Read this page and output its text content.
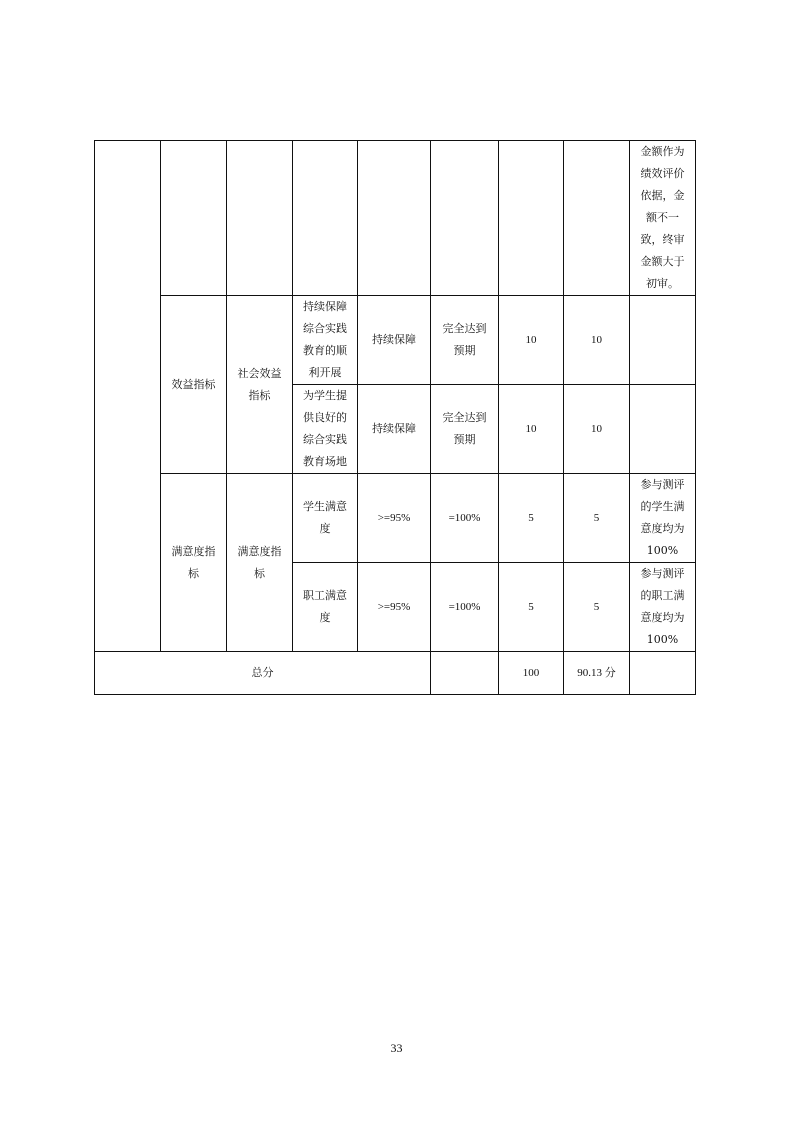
								金额作为绩效评价依据，金额不一致，终审金额大于初审。

	效益指标	社会效益指标	持续保障综合实践教育的顺利开展	持续保障	完全达到预期	10	10	

			为学生提供良好的综合实践教育场地	持续保障	完全达到预期	10	10	

	满意度指标	满意度指标	学生满意度	>=95%	=100%	5	5	参与测评的学生满意度均为100%

			职工满意度	>=95%	=100%	5	5	参与测评的职工满意度均为100%

总分						100	90.13 分	
33
